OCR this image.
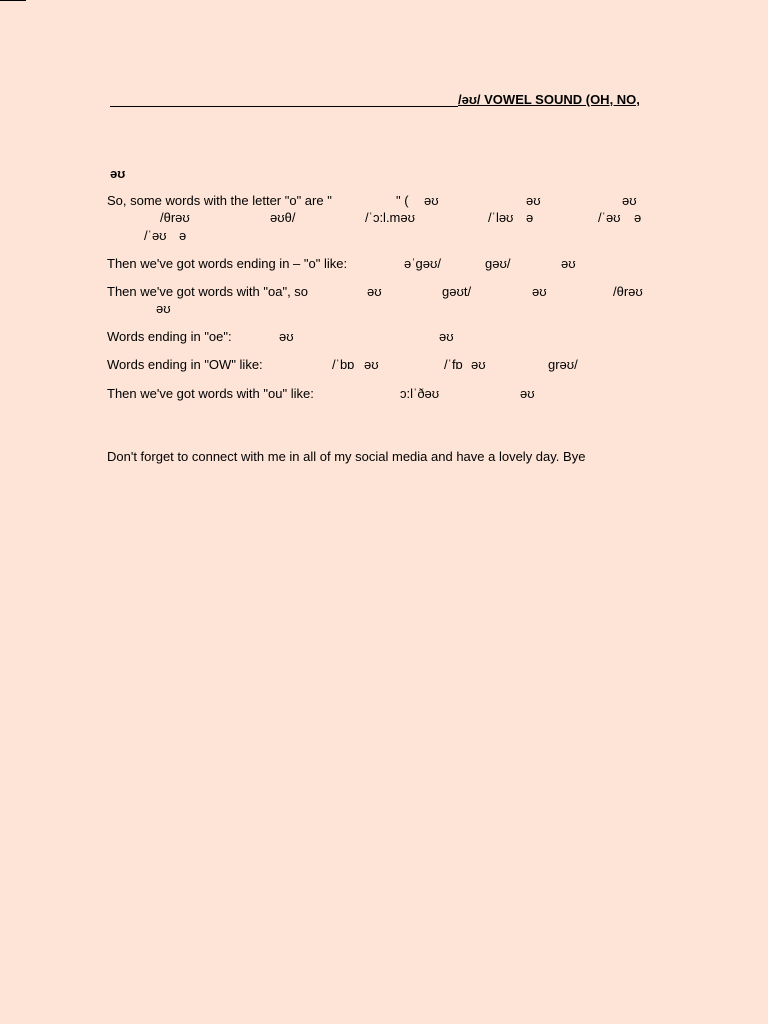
/əʊ/ VOWEL SOUND (OH, NO,
əʊ
So, some words with the letter "o" are "	" ( əʊ	əʊ	əʊ
/θrəʊ	əʊθ/	/ˈɔ:l.məʊ	/ˈləʊ ə	/ˈəʊ ə
/ˈəʊ ə
Then we've got words ending in – "o" like:	əˈgəʊ/	gəʊ/	əʊ
Then we've got words with "oa", so	əʊ	gəʊt/	əʊ	/θrəʊ
əʊ
Words ending in "oe":	əʊ	əʊ
Words ending in "OW" like:	/ˈbɒ əʊ	/ˈfɒ əʊ	grəʊ/
Then we've got words with "ou" like:	ɔ:lˈðəʊ	əʊ
Don't forget to connect with me in all of my social media and have a lovely day. Bye
